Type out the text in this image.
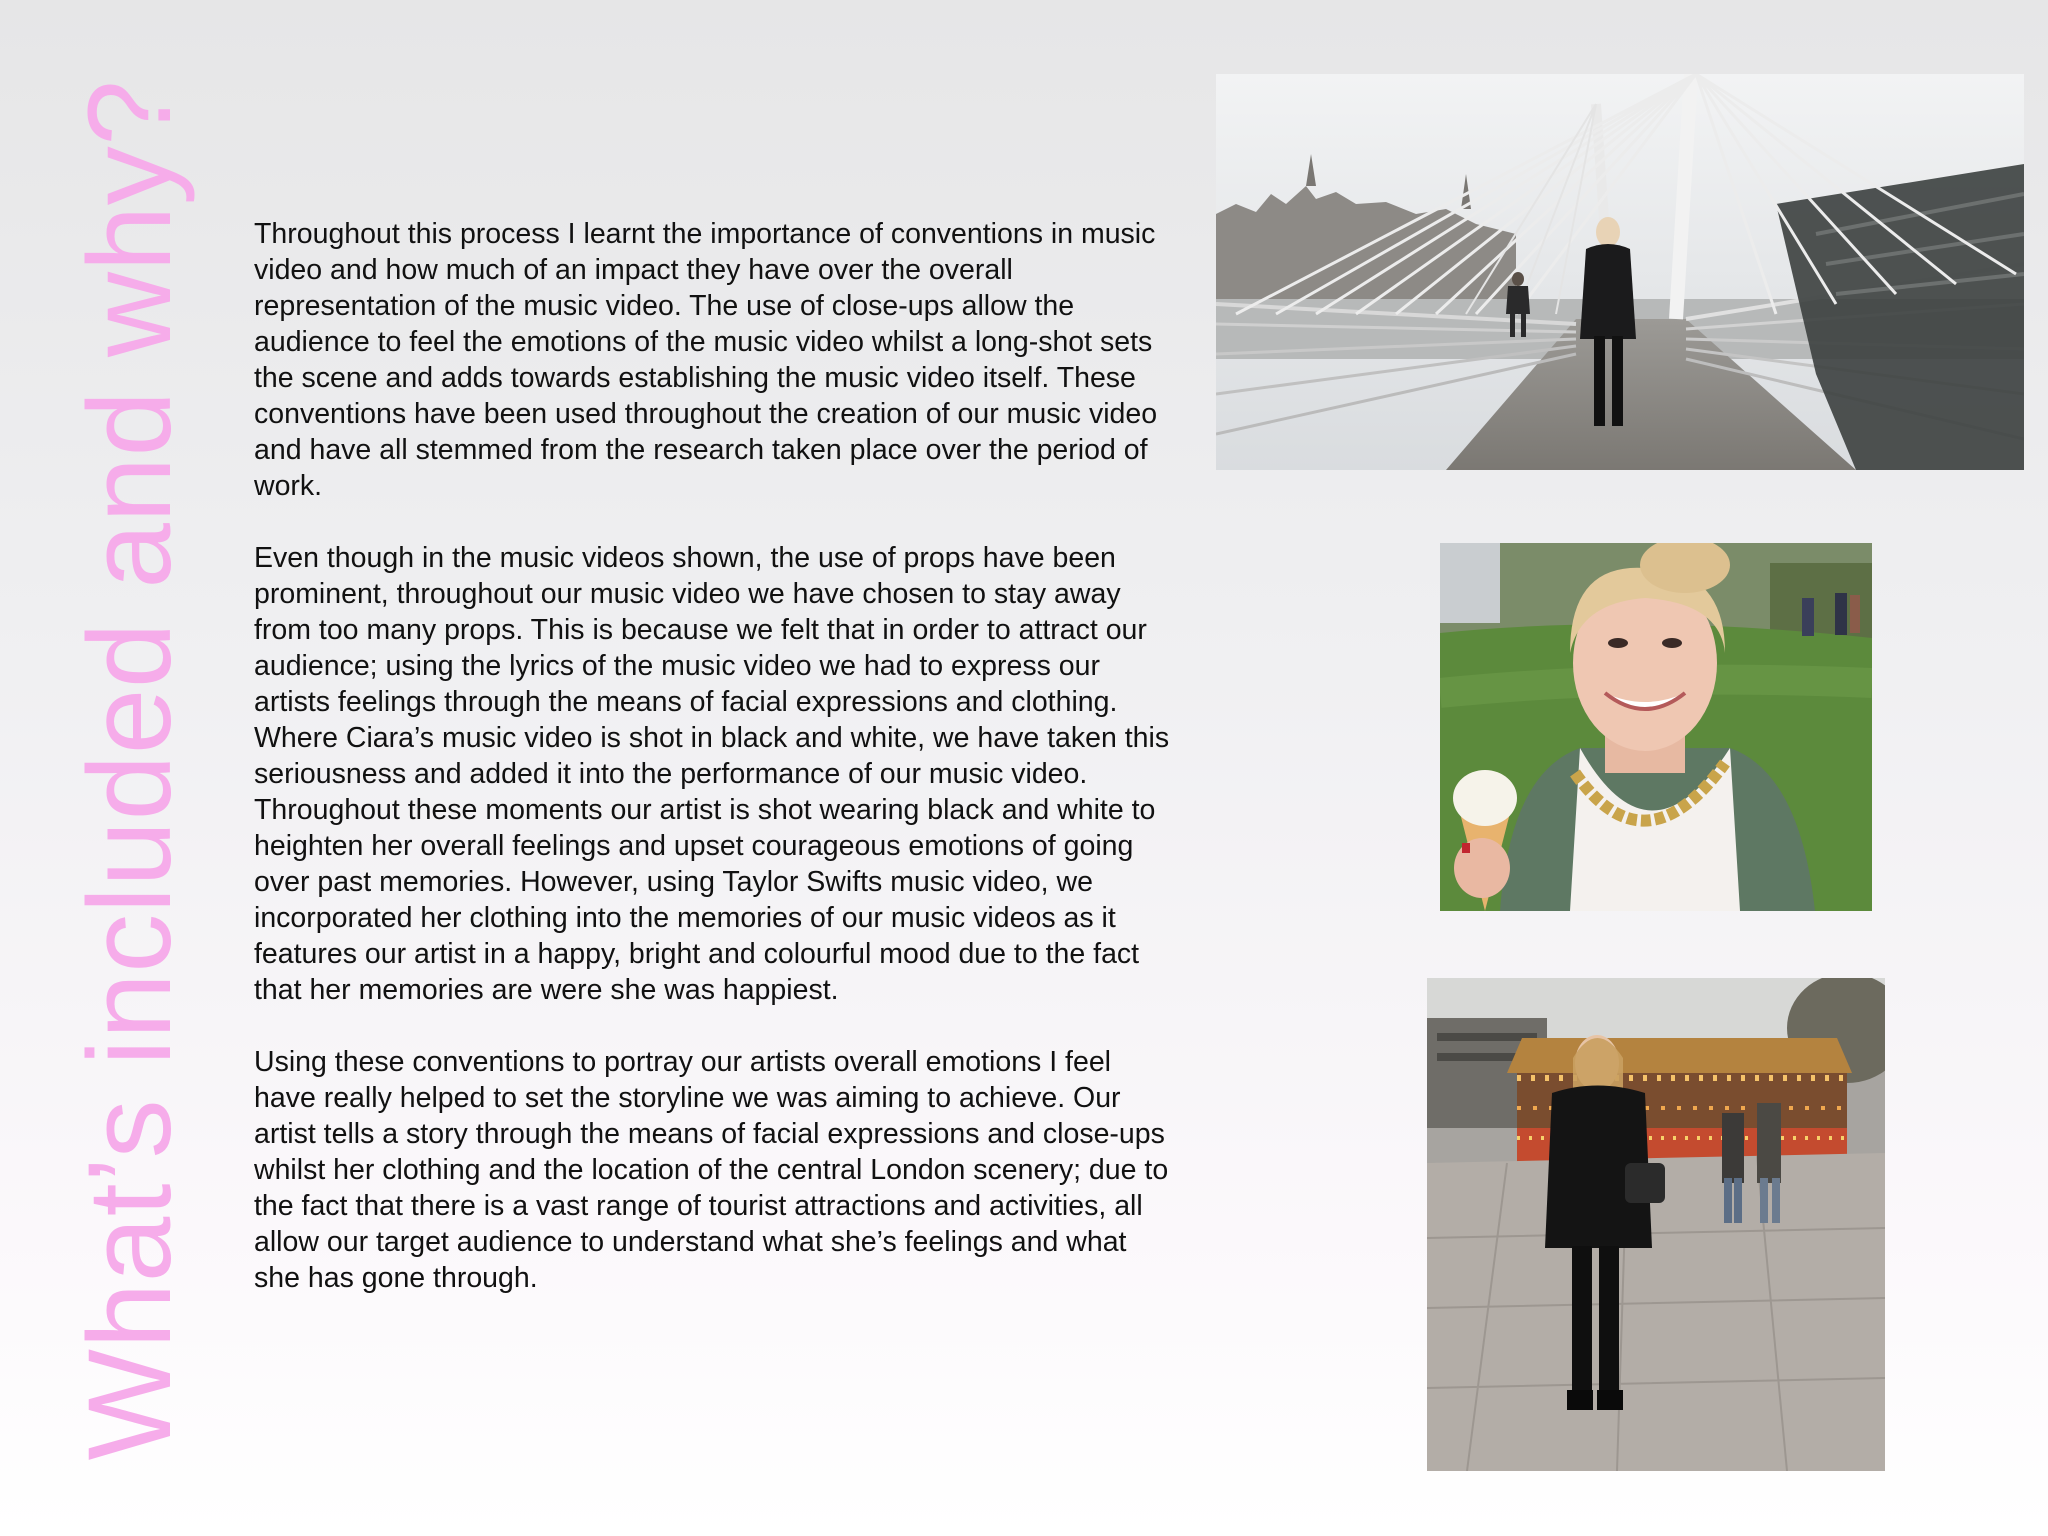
What’s included and why? Throughout this process I learnt the importance of conventions in music video and how much of an impact they have over the overall representation of the music video. The use of close-ups allow the audience to feel the emotions of the music video whilst a long-shot sets the scene and adds towards establishing the music video itself. These conventions have been used throughout the creation of our music video and have all stemmed from the research taken place over the period of work.

Even though in the music videos shown, the use of props have been prominent, throughout our music video we have chosen to stay away from too many props. This is because we felt that in order to attract our audience; using the lyrics of the music video we had to express our artists feelings through the means of facial expressions and clothing. Where Ciara’s music video is shot in black and white, we have taken this seriousness and added it into the performance of our music video. Throughout these moments our artist is shot wearing black and white to heighten her overall feelings and upset courageous emotions of going over past memories. However, using Taylor Swifts music video, we incorporated her clothing into the memories of our music videos as it features our artist in a happy, bright and colourful mood due to the fact that her memories are were she was happiest.

Using these conventions to portray our artists overall emotions I feel have really helped to set the storyline we was aiming to achieve. Our artist tells a story through the means of facial expressions and close-ups whilst her clothing and the location of the central London scenery; due to the fact that there is a vast range of tourist attractions and activities, all allow our target audience to understand what she’s feelings and what she has gone through.
